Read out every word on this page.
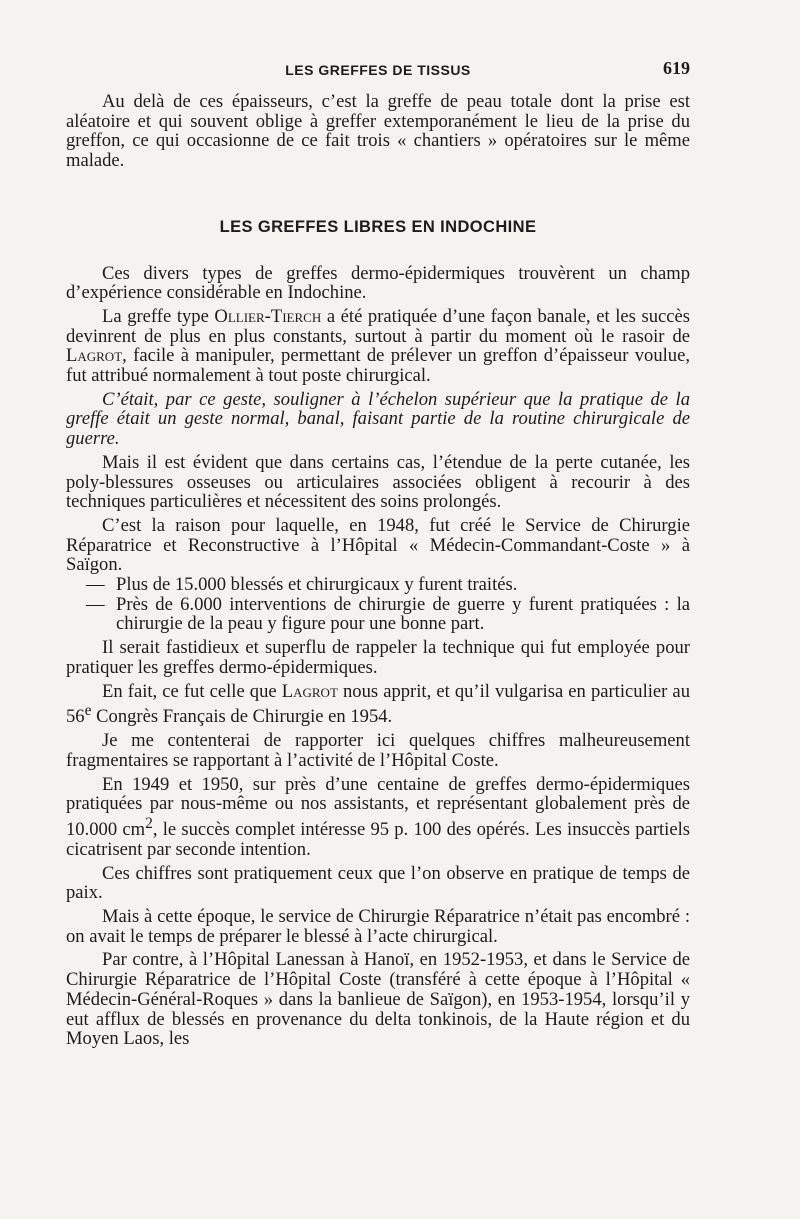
LES GREFFES DE TISSUS	619

Au delà de ces épaisseurs, c’est la greffe de peau totale dont la prise est aléatoire et qui souvent oblige à greffer extemporanément le lieu de la prise du greffon, ce qui occasionne de ce fait trois « chantiers » opératoires sur le même malade.

LES GREFFES LIBRES EN INDOCHINE

Ces divers types de greffes dermo-épidermiques trouvèrent un champ d’expérience considérable en Indochine.

La greffe type Ollier-Tierch a été pratiquée d’une façon banale, et les succès devinrent de plus en plus constants, surtout à partir du moment où le rasoir de Lagrot, facile à manipuler, permettant de prélever un greffon d’épaisseur voulue, fut attribué normalement à tout poste chirurgical.

C’était, par ce geste, souligner à l’échelon supérieur que la pratique de la greffe était un geste normal, banal, faisant partie de la routine chirurgicale de guerre.

Mais il est évident que dans certains cas, l’étendue de la perte cutanée, les poly-blessures osseuses ou articulaires associées obligent à recourir à des techniques particulières et nécessitent des soins prolongés.

C’est la raison pour laquelle, en 1948, fut créé le Service de Chirurgie Réparatrice et Reconstructive à l’Hôpital « Médecin-Commandant-Coste » à Saïgon.

— Plus de 15.000 blessés et chirurgicaux y furent traités.
— Près de 6.000 interventions de chirurgie de guerre y furent pratiquées : la chirurgie de la peau y figure pour une bonne part.

Il serait fastidieux et superflu de rappeler la technique qui fut employée pour pratiquer les greffes dermo-épidermiques.

En fait, ce fut celle que Lagrot nous apprit, et qu’il vulgarisa en particulier au 56e Congrès Français de Chirurgie en 1954.

Je me contenterai de rapporter ici quelques chiffres malheureusement fragmentaires se rapportant à l’activité de l’Hôpital Coste.

En 1949 et 1950, sur près d’une centaine de greffes dermo-épidermiques pratiquées par nous-même ou nos assistants, et représentant globalement près de 10.000 $cm^2$, le succès complet intéresse 95 p. 100 des opérés. Les insuccès partiels cicatrisent par seconde intention.

Ces chiffres sont pratiquement ceux que l’on observe en pratique de temps de paix.

Mais à cette époque, le service de Chirurgie Réparatrice n’était pas encombré : on avait le temps de préparer le blessé à l’acte chirurgical.

Par contre, à l’Hôpital Lanessan à Hanoï, en 1952-1953, et dans le Service de Chirurgie Réparatrice de l’Hôpital Coste (transféré à cette époque à l’Hôpital « Médecin-Général-Roques » dans la banlieue de Saïgon), en 1953-1954, lorsqu’il y eut afflux de blessés en provenance du delta tonkinois, de la Haute région et du Moyen Laos, les
